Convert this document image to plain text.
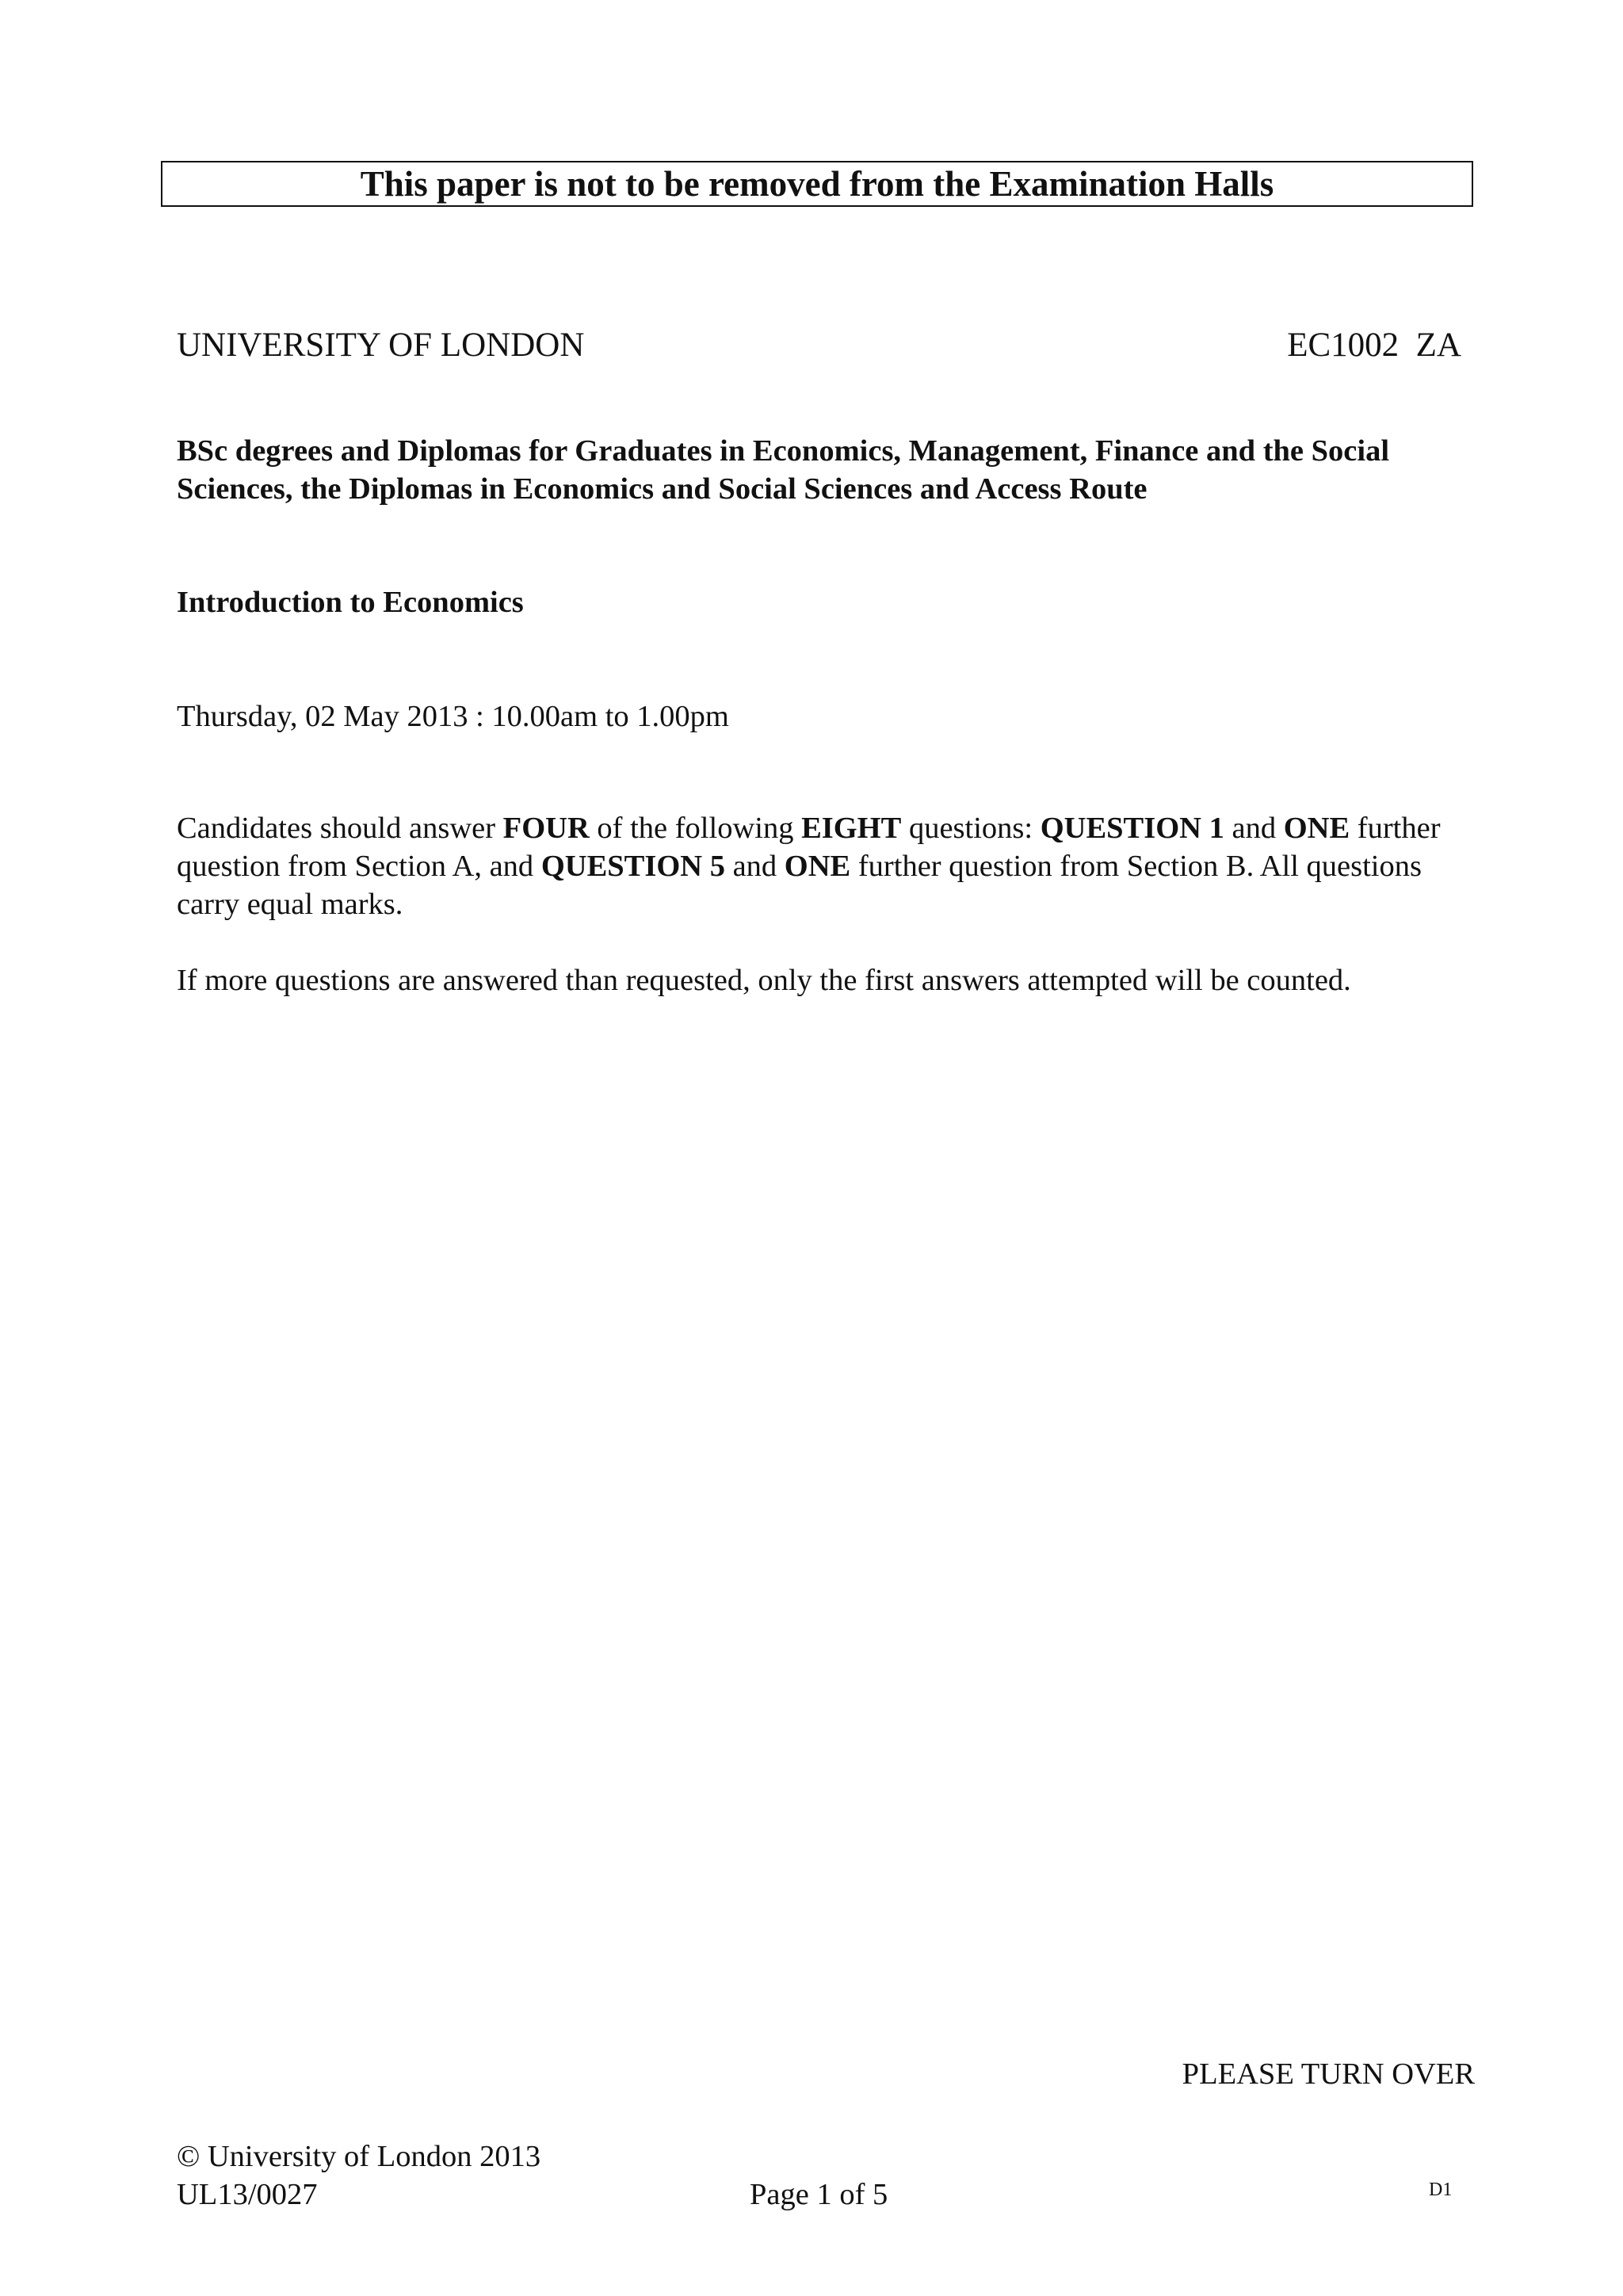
This paper is not to be removed from the Examination Halls
UNIVERSITY OF LONDON	EC1002  ZA
BSc degrees and Diplomas for Graduates in Economics, Management, Finance and the Social Sciences, the Diplomas in Economics and Social Sciences and Access Route
Introduction to Economics
Thursday, 02 May 2013 : 10.00am to 1.00pm
Candidates should answer FOUR of the following EIGHT questions: QUESTION 1 and ONE further question from Section A, and QUESTION 5 and ONE further question from Section B. All questions carry equal marks.
If more questions are answered than requested, only the first answers attempted will be counted.
PLEASE TURN OVER
© University of London 2013
UL13/0027	Page 1 of 5	D1
